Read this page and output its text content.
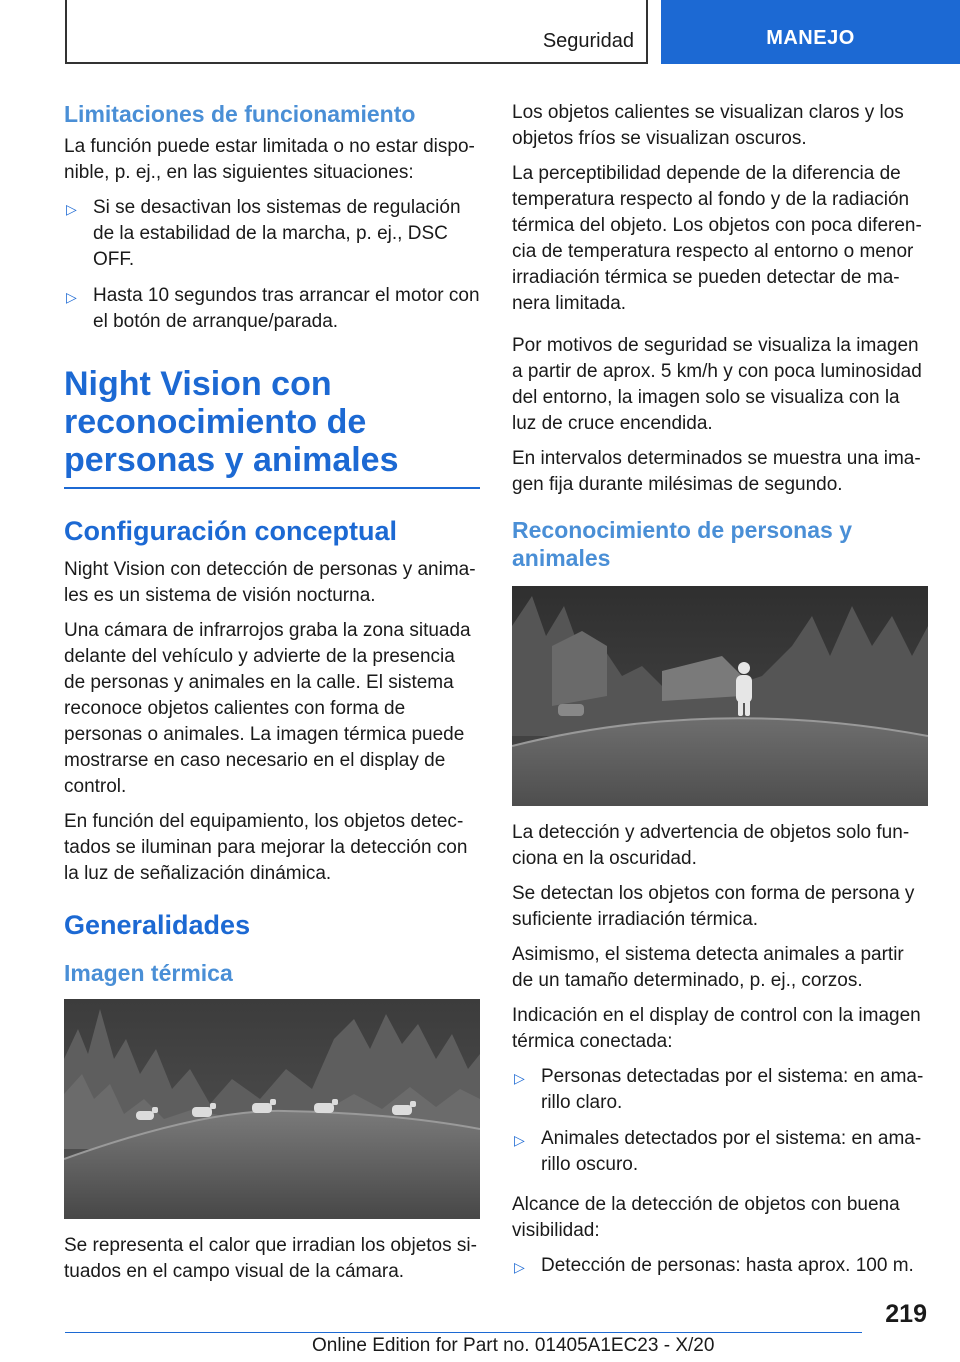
Seguridad	MANEJO
Limitaciones de funcionamiento

La función puede estar limitada o no estar disponible, p. ej., en las siguientes situaciones:

▷ Si se desactivan los sistemas de regulación de la estabilidad de la marcha, p. ej., DSC OFF.
▷ Hasta 10 segundos tras arrancar el motor con el botón de arranque/parada.
Night Vision con reconocimiento de personas y animales
Configuración conceptual

Night Vision con detección de personas y animales es un sistema de visión nocturna.

Una cámara de infrarrojos graba la zona situada delante del vehículo y advierte de la presencia de personas y animales en la calle. El sistema reconoce objetos calientes con forma de personas o animales. La imagen térmica puede mostrarse en caso necesario en el display de control.

En función del equipamiento, los objetos detectados se iluminan para mejorar la detección con la luz de señalización dinámica.

Generalidades
Imagen térmica

Se representa el calor que irradian los objetos situados en el campo visual de la cámara.

Los objetos calientes se visualizan claros y los objetos fríos se visualizan oscuros.

La perceptibilidad depende de la diferencia de temperatura respecto al fondo y de la radiación térmica del objeto. Los objetos con poca diferencia de temperatura respecto al entorno o menor irradiación térmica se pueden detectar de manera limitada.

Por motivos de seguridad se visualiza la imagen a partir de aprox. 5 km/h y con poca luminosidad del entorno, la imagen solo se visualiza con la luz de cruce encendida.

En intervalos determinados se muestra una imagen fija durante milésimas de segundo.

Reconocimiento de personas y animales

La detección y advertencia de objetos solo funciona en la oscuridad.

Se detectan los objetos con forma de persona y suficiente irradiación térmica.

Asimismo, el sistema detecta animales a partir de un tamaño determinado, p. ej., corzos.

Indicación en el display de control con la imagen térmica conectada:

▷ Personas detectadas por el sistema: en amarillo claro.
▷ Animales detectados por el sistema: en amarillo oscuro.

Alcance de la detección de objetos con buena visibilidad:

▷ Detección de personas: hasta aprox. 100 m.
219
Online Edition for Part no. 01405A1EC23 - X/20
